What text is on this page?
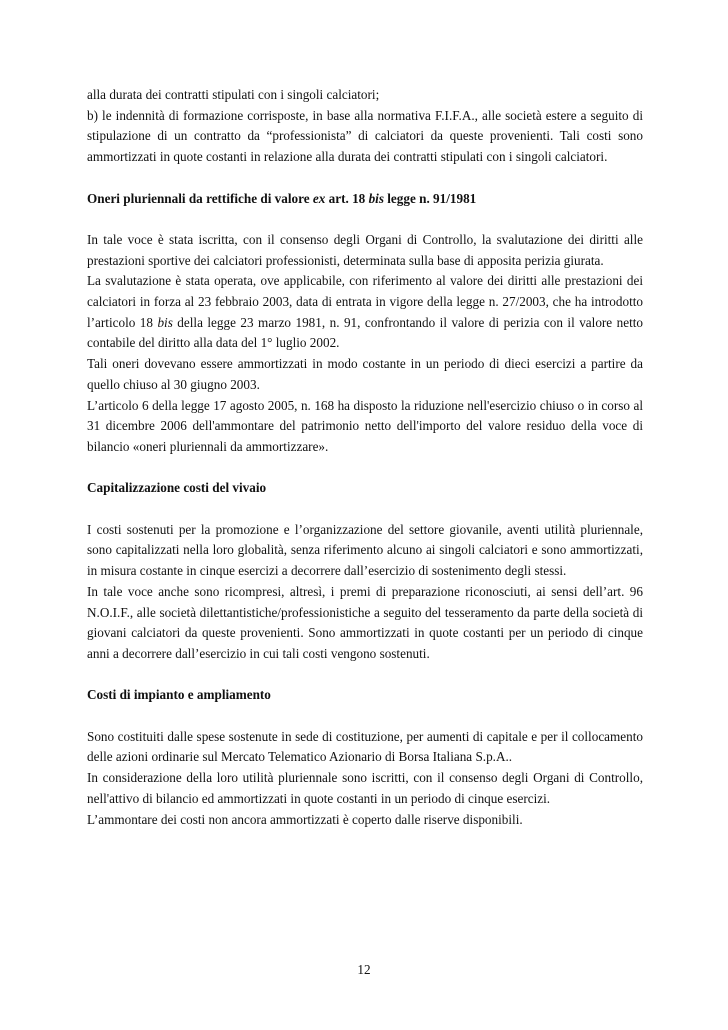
alla durata dei contratti stipulati con i singoli calciatori;

b) le indennità di formazione corrisposte, in base alla normativa F.I.F.A., alle società estere a seguito di stipulazione di un contratto da “professionista” di calciatori da queste provenienti. Tali costi sono ammortizzati in quote costanti in relazione alla durata dei contratti stipulati con i singoli calciatori.

Oneri pluriennali da rettifiche di valore ex art. 18 bis legge n. 91/1981

In tale voce è stata iscritta, con il consenso degli Organi di Controllo, la svalutazione dei diritti alle prestazioni sportive dei calciatori professionisti, determinata sulla base di apposita perizia giurata.

La svalutazione è stata operata, ove applicabile, con riferimento al valore dei diritti alle prestazioni dei calciatori in forza al 23 febbraio 2003, data di entrata in vigore della legge n. 27/2003, che ha introdotto l’articolo 18 bis della legge 23 marzo 1981, n. 91, confrontando il valore di perizia con il valore netto contabile del diritto alla data del 1° luglio 2002.

Tali oneri dovevano essere ammortizzati in modo costante in un periodo di dieci esercizi a partire da quello chiuso al 30 giugno 2003.

L’articolo 6 della legge 17 agosto 2005, n. 168 ha disposto la riduzione nell'esercizio chiuso o in corso al 31 dicembre 2006 dell'ammontare del patrimonio netto dell'importo del valore residuo della voce di bilancio «oneri pluriennali da ammortizzare».

Capitalizzazione costi del vivaio

I costi sostenuti per la promozione e l’organizzazione del settore giovanile, aventi utilità pluriennale, sono capitalizzati nella loro globalità, senza riferimento alcuno ai singoli calciatori e sono ammortizzati, in misura costante in cinque esercizi a decorrere dall’esercizio di sostenimento degli stessi.

In tale voce anche sono ricompresi, altresì, i premi di preparazione riconosciuti, ai sensi dell’art. 96 N.O.I.F., alle società dilettantistiche/professionistiche a seguito del tesseramento da parte della società di giovani calciatori da queste provenienti. Sono ammortizzati in quote costanti per un periodo di cinque anni a decorrere dall’esercizio in cui tali costi vengono sostenuti.

Costi di impianto e ampliamento

Sono costituiti dalle spese sostenute in sede di costituzione, per aumenti di capitale e per il collocamento delle azioni ordinarie sul Mercato Telematico Azionario di Borsa Italiana S.p.A..

In considerazione della loro utilità pluriennale sono iscritti, con il consenso degli Organi di Controllo, nell'attivo di bilancio ed ammortizzati in quote costanti in un periodo di cinque esercizi.

L’ammontare dei costi non ancora ammortizzati è coperto dalle riserve disponibili.

12
